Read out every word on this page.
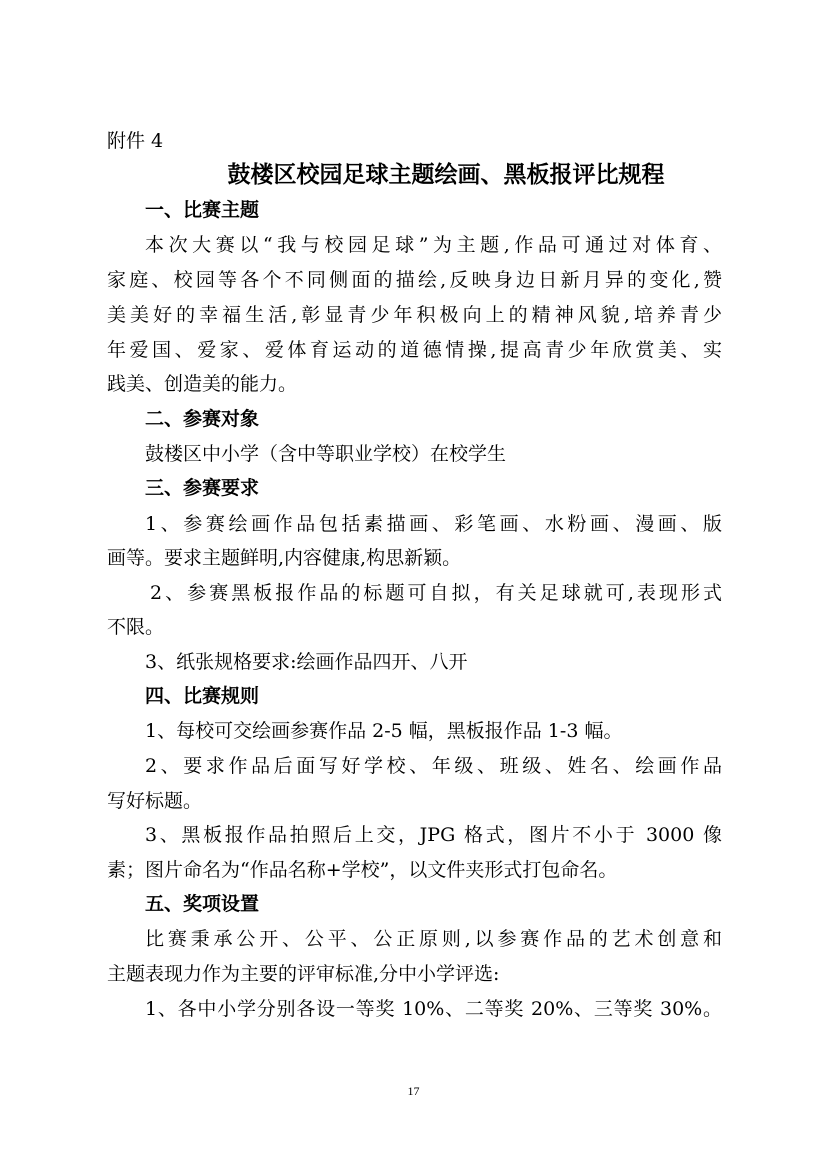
附件 4
鼓楼区校园足球主题绘画、黑板报评比规程
一、比赛主题
本次大赛以“我与校园足球”为主题,作品可通过对体育、
家庭、校园等各个不同侧面的描绘,反映身边日新月异的变化,赞
美美好的幸福生活,彰显青少年积极向上的精神风貌,培养青少
年爱国、爱家、爱体育运动的道德情操,提高青少年欣赏美、实
践美、创造美的能力。
二、参赛对象
鼓楼区中小学（含中等职业学校）在校学生
三、参赛要求
1、参赛绘画作品包括素描画、彩笔画、水粉画、漫画、版
画等。要求主题鲜明,内容健康,构思新颖。
2、参赛黑板报作品的标题可自拟，有关足球就可,表现形式
不限。
3、纸张规格要求:绘画作品四开、八开
四、比赛规则
1、每校可交绘画参赛作品 2-5 幅，黑板报作品 1-3 幅。
2、要求作品后面写好学校、年级、班级、姓名、绘画作品
写好标题。
3、黑板报作品拍照后上交，JPG 格式，图片不小于 3000 像
素；图片命名为“作品名称+学校”，以文件夹形式打包命名。
五、奖项设置
比赛秉承公开、公平、公正原则,以参赛作品的艺术创意和
主题表现力作为主要的评审标准,分中小学评选:
1、各中小学分别各设一等奖 10%、二等奖 20%、三等奖 30%。
17
